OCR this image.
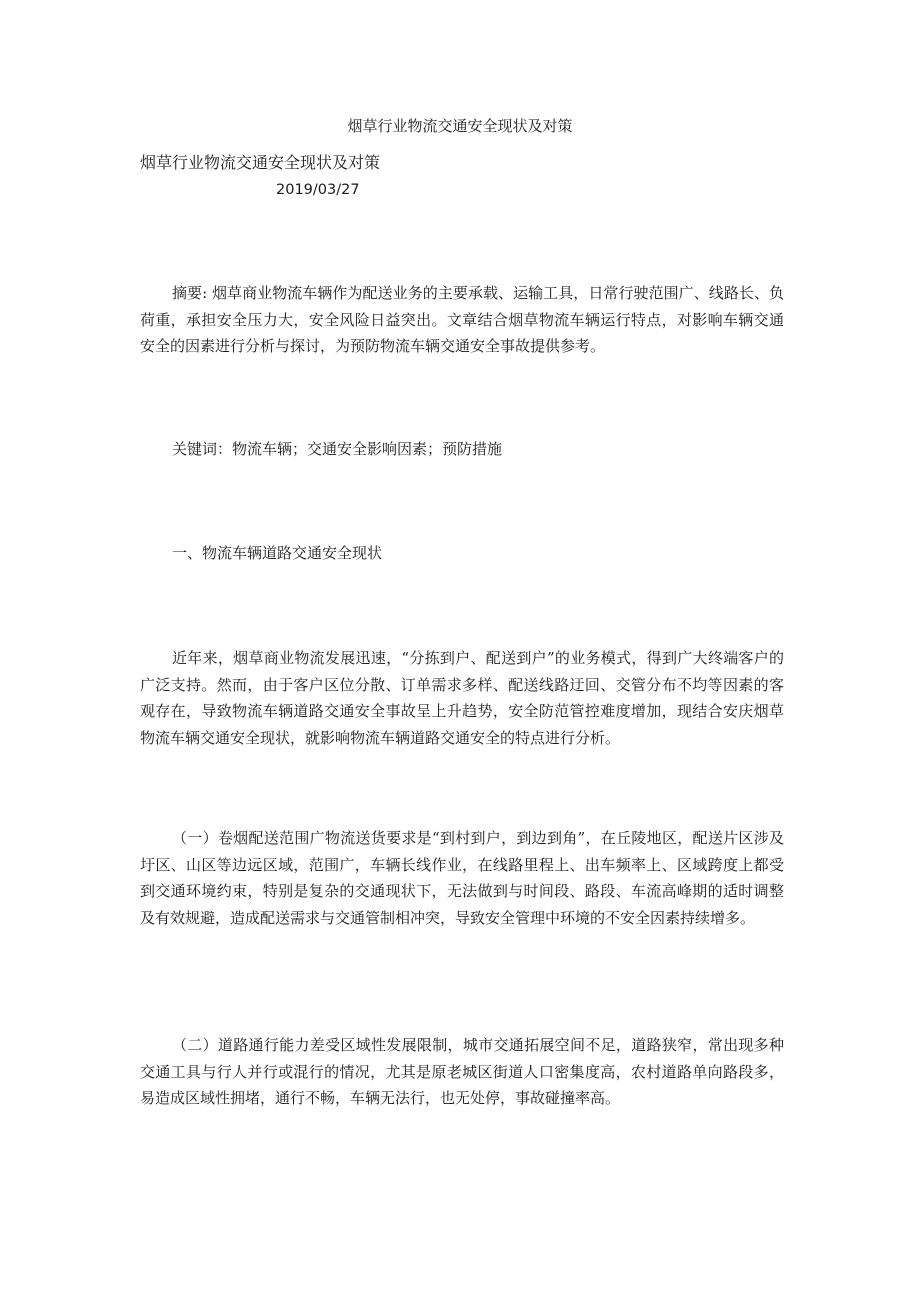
烟草行业物流交通安全现状及对策
烟草行业物流交通安全现状及对策
2019/03/27

摘要: 烟草商业物流车辆作为配送业务的主要承载、运输工具，日常行驶范围广、线路长、负荷重，承担安全压力大，安全风险日益突出。文章结合烟草物流车辆运行特点，对影响车辆交通安全的因素进行分析与探讨，为预防物流车辆交通安全事故提供参考。

关键词：物流车辆；交通安全影响因素；预防措施

一、物流车辆道路交通安全现状

近年来，烟草商业物流发展迅速，“分拣到户、配送到户”的业务模式，得到广大终端客户的广泛支持。然而，由于客户区位分散、订单需求多样、配送线路迂回、交管分布不均等因素的客观存在，导致物流车辆道路交通安全事故呈上升趋势，安全防范管控难度增加，现结合安庆烟草物流车辆交通安全现状，就影响物流车辆道路交通安全的特点进行分析。

（一）卷烟配送范围广物流送货要求是“到村到户，到边到角”，在丘陵地区，配送片区涉及圩区、山区等边远区域，范围广，车辆长线作业，在线路里程上、出车频率上、区域跨度上都受到交通环境约束，特别是复杂的交通现状下，无法做到与时间段、路段、车流高峰期的适时调整及有效规避，造成配送需求与交通管制相冲突，导致安全管理中环境的不安全因素持续增多。

（二）道路通行能力差受区域性发展限制，城市交通拓展空间不足，道路狭窄，常出现多种交通工具与行人并行或混行的情况，尤其是原老城区街道人口密集度高，农村道路单向路段多，易造成区域性拥堵，通行不畅，车辆无法行，也无处停，事故碰撞率高。
